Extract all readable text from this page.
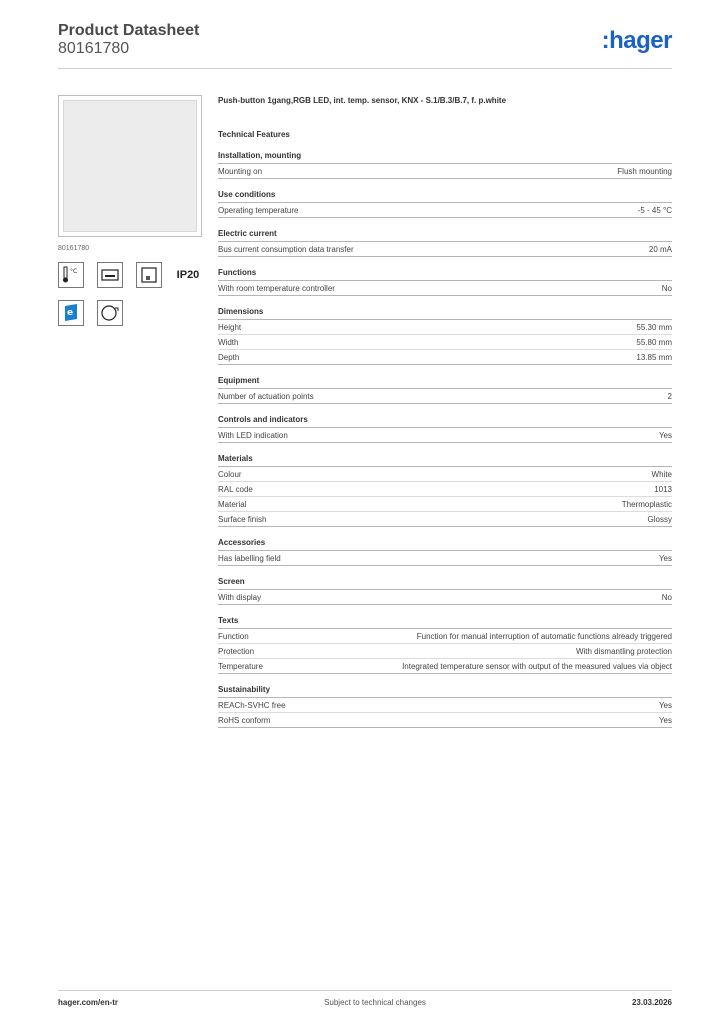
Product Datasheet
80161780	:hager
80161780
°C	IP20
e
Push-button 1gang,RGB LED, int. temp. sensor, KNX - S.1/B.3/B.7, f. p.white
Technical Features
Installation, mounting
Mounting on	Flush mounting
Use conditions
Operating temperature	-5 - 45 °C
Electric current
Bus current consumption data transfer	20 mA
Functions
With room temperature controller	No
Dimensions
Height	55.30 mm
Width	55.80 mm
Depth	13.85 mm
Equipment
Number of actuation points	2
Controls and indicators
With LED indication	Yes
Materials
Colour	White
RAL code	1013
Material	Thermoplastic
Surface finish	Glossy
Accessories
Has labelling field	Yes
Screen
With display	No
Texts
Function	Function for manual interruption of automatic functions already triggered
Protection	With dismantling protection
Temperature	Integrated temperature sensor with output of the measured values via object
Sustainability
REACh-SVHC free	Yes
RoHS conform	Yes
hager.com/en-tr	Subject to technical changes	23.03.2026
